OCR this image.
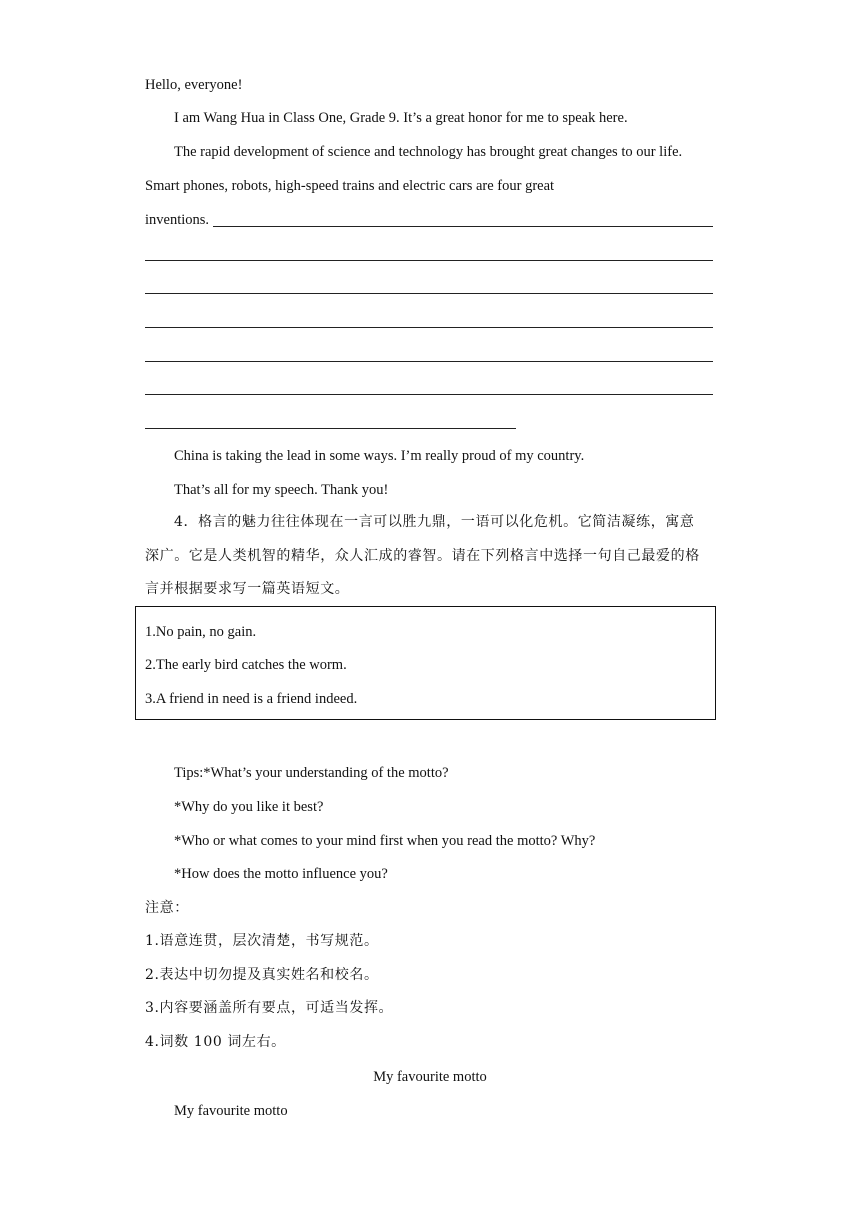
Hello, everyone!
I am Wang Hua in Class One, Grade 9. It’s a great honor for me to speak here.
The rapid development of science and technology has brought great changes to our life.
Smart phones, robots, high-speed trains and electric cars are four great
inventions.
China is taking the lead in some ways. I’m really proud of my country.
That’s all for my speech. Thank you!
4．格言的魅力往往体现在一言可以胜九鼎，一语可以化危机。它简洁凝练，寓意
深广。它是人类机智的精华，众人汇成的睿智。请在下列格言中选择一句自己最爱的格
言并根据要求写一篇英语短文。
1.No pain, no gain.
2.The early bird catches the worm.
3.A friend in need is a friend indeed.
Tips:*What’s your understanding of the motto?
*Why do you like it best?
*Who or what comes to your mind first when you read the motto? Why?
*How does the motto influence you?
注意：
1.语意连贯，层次清楚，书写规范。
2.表达中切勿提及真实姓名和校名。
3.内容要涵盖所有要点，可适当发挥。
4.词数 100 词左右。
My favourite motto
My favourite motto
